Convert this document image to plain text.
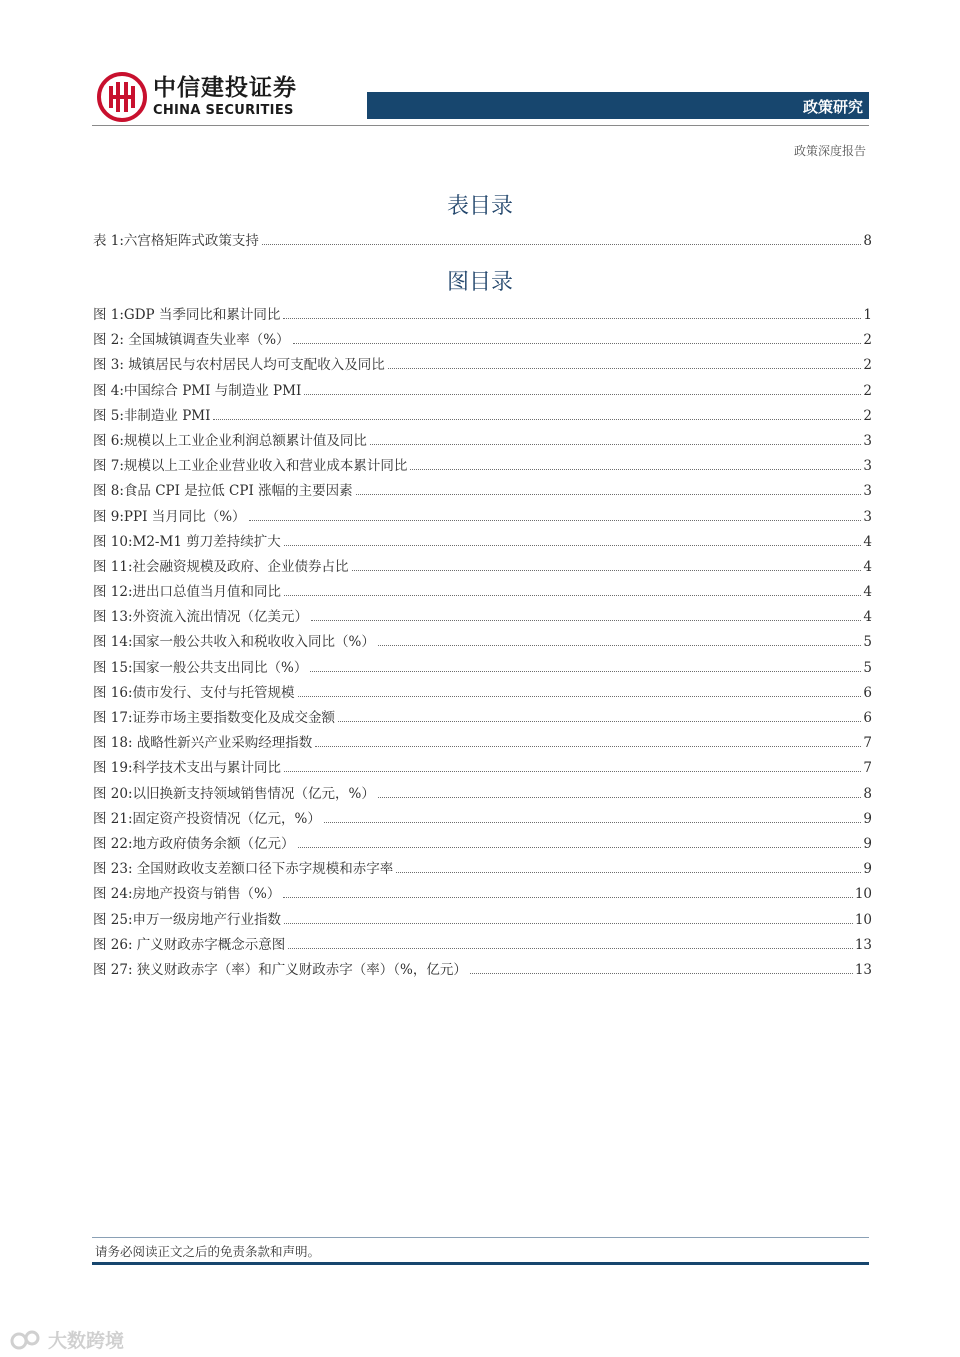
中信建投证券
CHINA SECURITIES	政策研究
政策深度报告
表目录
表 1:六宫格矩阵式政策支持	8
图目录
图 1:GDP 当季同比和累计同比	1
图 2: 全国城镇调查失业率（%）	2
图 3: 城镇居民与农村居民人均可支配收入及同比	2
图 4:中国综合 PMI 与制造业 PMI	2
图 5:非制造业 PMI	2
图 6:规模以上工业企业利润总额累计值及同比	3
图 7:规模以上工业企业营业收入和营业成本累计同比	3
图 8:食品 CPI 是拉低 CPI 涨幅的主要因素	3
图 9:PPI 当月同比（%）	3
图 10:M2-M1 剪刀差持续扩大	4
图 11:社会融资规模及政府、企业债券占比	4
图 12:进出口总值当月值和同比	4
图 13:外资流入流出情况（亿美元）	4
图 14:国家一般公共收入和税收收入同比（%）	5
图 15:国家一般公共支出同比（%）	5
图 16:债市发行、支付与托管规模	6
图 17:证券市场主要指数变化及成交金额	6
图 18: 战略性新兴产业采购经理指数	7
图 19:科学技术支出与累计同比	7
图 20:以旧换新支持领域销售情况（亿元，%）	8
图 21:固定资产投资情况（亿元，%）	9
图 22:地方政府债务余额（亿元）	9
图 23: 全国财政收支差额口径下赤字规模和赤字率	9
图 24:房地产投资与销售（%）	10
图 25:申万一级房地产行业指数	10
图 26: 广义财政赤字概念示意图	13
图 27: 狭义财政赤字（率）和广义财政赤字（率）（%，亿元）	13
请务必阅读正文之后的免责条款和声明。
大数跨境
